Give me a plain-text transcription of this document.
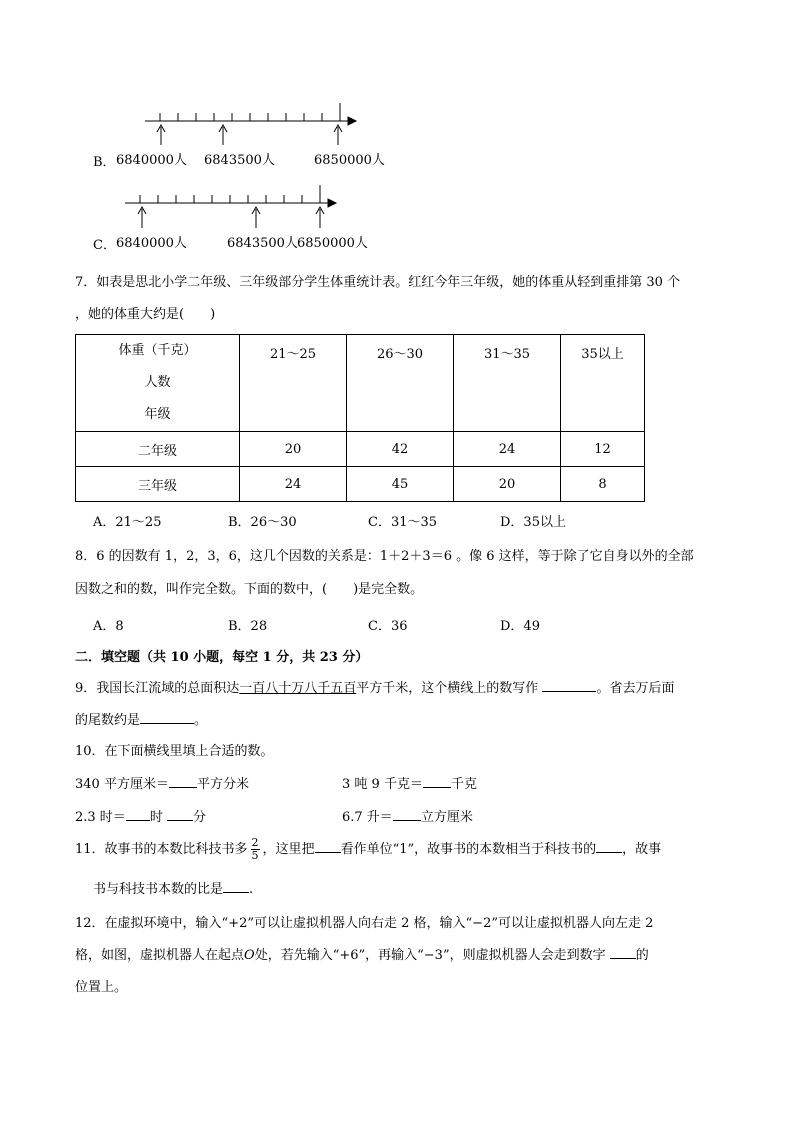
B． 6840000人 6843500人	6850000人
C． 6840000人	6843500人 6850000人
7．如表是思北小学二年级、三年级部分学生体重统计表。红红今年三年级，她的体重从轻到重排第 30 个
，她的体重大约是(　　)
体重（千克）
人数
年级	21～25	26～30	31～35	35以上
二年级	20	42	24	12
三年级	24	45	20	8
A．21～25	B．26～30	C．31～35	D．35以上
8．6 的因数有 1，2，3，6，这几个因数的关系是：1＋2＋3＝6 。像 6 这样，等于除了它自身以外的全部
因数之和的数，叫作完全数。下面的数中，(　　)是完全数。
A．8	B．28	C．36	D．49
二．填空题（共 10 小题，每空 1 分，共 23 分）
9．我国长江流域的总面积达一百八十万八千五百平方千米，这个横线上的数写作	。省去万后面
的尾数约是	。
10．在下面横线里填上合适的数。
340 平方厘米＝ 平方分米	3 吨 9 千克＝ 千克
2.3 时＝ 时 分	6.7 升＝ 立方厘米
11．故事书的本数比科技书多 $\frac{2}{5}$ ，这里把 看作单位“1”，故事书的本数相当于科技书的 ，故事
书与科技书本数的比是 .
12．在虚拟环境中，输入“+2”可以让虚拟机器人向右走 2 格，输入“−2”可以让虚拟机器人向左走 2
格，如图，虚拟机器人在起点O处，若先输入“+6”，再输入“−3”，则虚拟机器人会走到数字 的
位置上。
